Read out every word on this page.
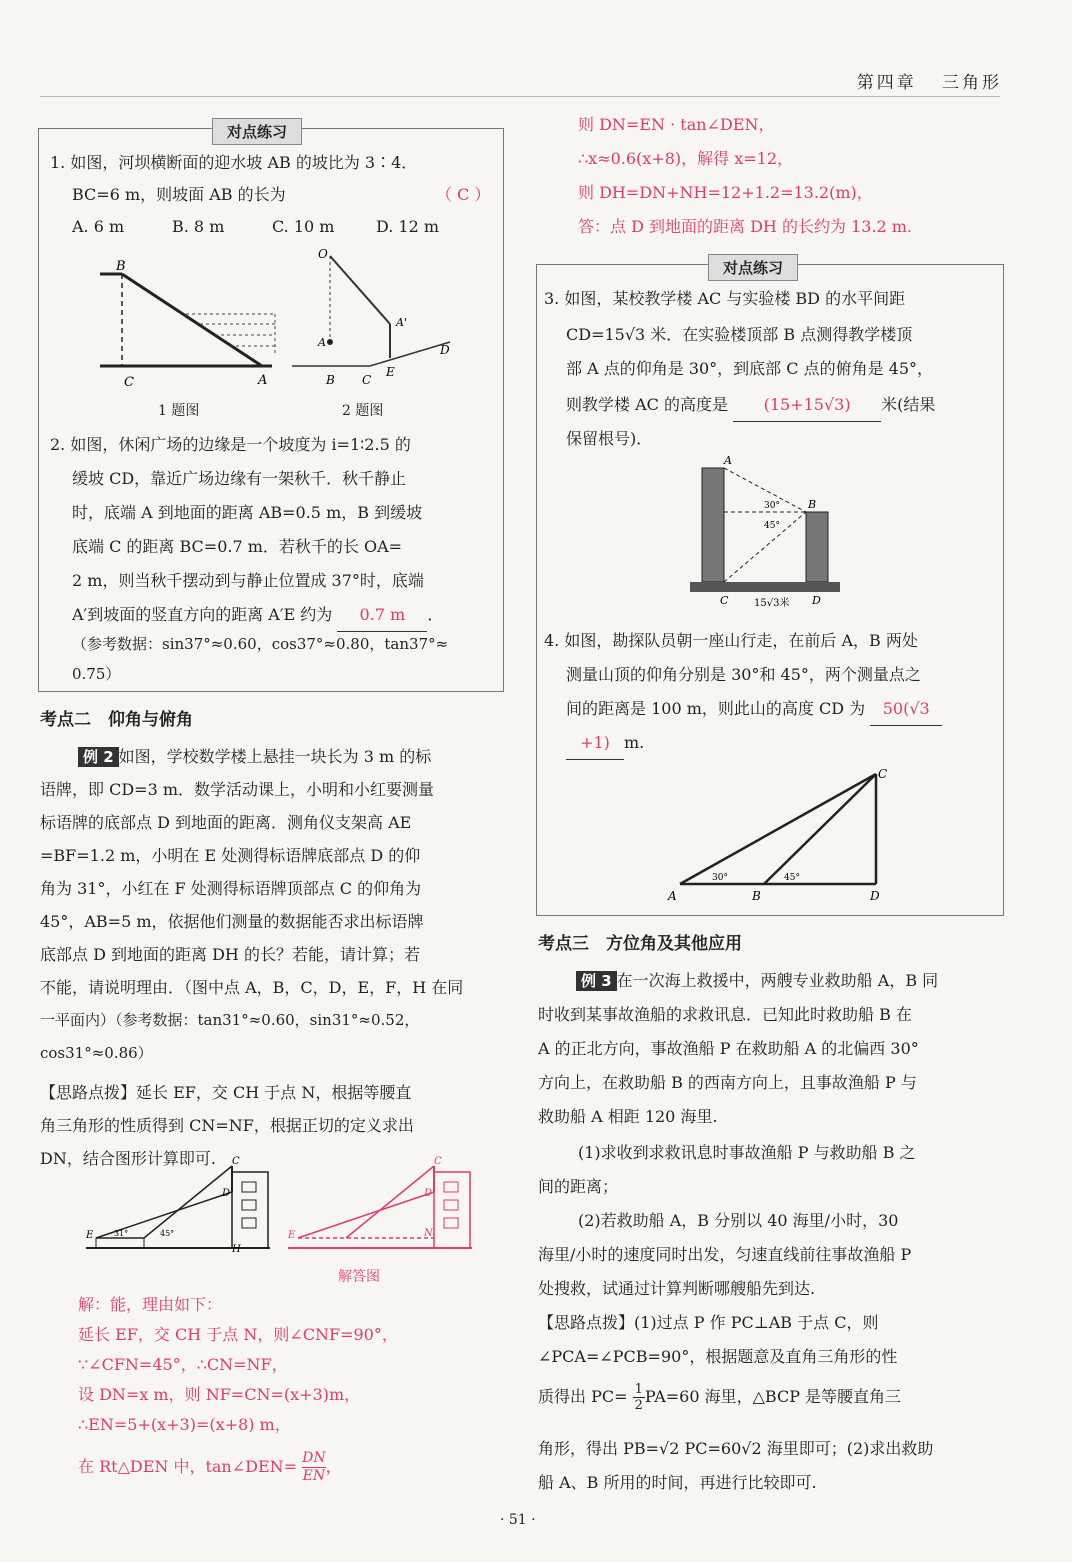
第四章 三角形
对点练习
1. 如图，河坝横断面的迎水坡 AB 的坡比为 3∶4．
BC=6 m，则坡面 AB 的长为	（ C ）
A. 6 m	B. 8 m	C. 10 m	D. 12 m
B
C	A
1 题图
O
A'
A
B C
E
D
2 题图
2. 如图，休闲广场的边缘是一个坡度为 i=1∶2.5 的
缓坡 CD，靠近广场边缘有一架秋千．秋千静止
时，底端 A 到地面的距离 AB=0.5 m，B 到缓坡
底端 C 的距离 BC=0.7 m．若秋千的长 OA=
2 m，则当秋千摆动到与静止位置成 37°时，底端
A′到坡面的竖直方向的距离 A′E 约为 0.7 m ．
（参考数据：sin37°≈0.60，cos37°≈0.80，tan37°≈
0.75）
考点二　仰角与俯角
例 2 如图，学校数学楼上悬挂一块长为 3 m 的标
语牌，即 CD=3 m．数学活动课上，小明和小红要测量
标语牌的底部点 D 到地面的距离．测角仪支架高 AE
=BF=1.2 m，小明在 E 处测得标语牌底部点 D 的仰
角为 31°，小红在 F 处测得标语牌顶部点 C 的仰角为
45°，AB=5 m，依据他们测量的数据能否求出标语牌
底部点 D 到地面的距离 DH 的长？若能，请计算；若
不能，请说明理由．（图中点 A，B，C，D，E，F，H 在同
一平面内）（参考数据：tan31°≈0.60，sin31°≈0.52，
cos31°≈0.86）
【思路点拨】延长 EF，交 CH 于点 N，根据等腰直
角三角形的性质得到 CN=NF，根据正切的定义求出
DN，结合图形计算即可.	C
D
E	31°	45°
H
C
D
N
E
解答图
解：能，理由如下：
延长 EF，交 CH 于点 N，则∠CNF=90°，
∵∠CFN=45°，∴CN=NF，
设 DN=x m，则 NF=CN=(x+3)m，
∴EN=5+(x+3)=(x+8) m，
在 Rt△DEN 中，tan∠DEN= $\frac{DN}{EN}$ ，
则 DN=EN · tan∠DEN，
∴x≈0.6(x+8)，解得 x=12，
则 DH=DN+NH=12+1.2=13.2(m)，
答：点 D 到地面的距离 DH 的长约为 13.2 m.
对点练习
3. 如图，某校教学楼 AC 与实验楼 BD 的水平间距
CD=15√3 米．在实验楼顶部 B 点测得教学楼顶
部 A 点的仰角是 30°，到底部 C 点的俯角是 45°，
则教学楼 AC 的高度是 (15+15√3) 米(结果
保留根号)．
A
B
C	D
30°
45°
15√3米
4. 如图，勘探队员朝一座山行走，在前后 A，B 两处
测量山顶的仰角分别是 30°和 45°，两个测量点之
间的距离是 100 m，则此山的高度 CD 为 50(√3
+1) m.
A	B
C
D
30°	45°
考点三　方位角及其他应用
例 3 在一次海上救援中，两艘专业救助船 A，B 同
时收到某事故渔船的求救讯息．已知此时救助船 B 在
A 的正北方向，事故渔船 P 在救助船 A 的北偏西 30°
方向上，在救助船 B 的西南方向上，且事故渔船 P 与
救助船 A 相距 120 海里.
(1)求收到求救讯息时事故渔船 P 与救助船 B 之
间的距离；
(2)若救助船 A，B 分别以 40 海里/小时，30
海里/小时的速度同时出发，匀速直线前往事故渔船 P
处搜救，试通过计算判断哪艘船先到达.
【思路点拨】(1)过点 P 作 PC⊥AB 于点 C，则
∠PCA=∠PCB=90°，根据题意及直角三角形的性
质得出 $PC= \frac{1}{2} PA=60$ 海里，△BCP 是等腰直角三
角形，得出 PB=√2 PC=60√2 海里即可；(2)求出救助
船 A、B 所用的时间，再进行比较即可.
· 51 ·
